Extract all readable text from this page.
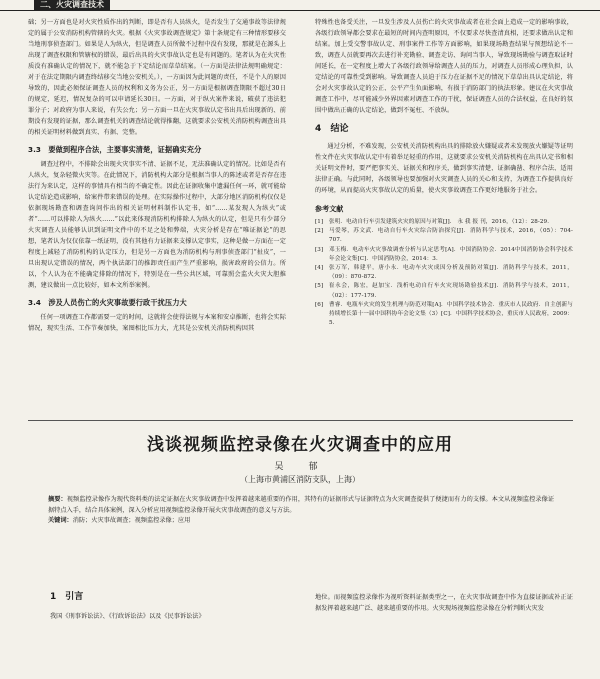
二、火灾调查技术

础；另一方面也是对火灾性质作出的判断，即是否有人员纵火，是否发生了交通事故等法律规定的属于公安消防机构管辖的火灾。根据《火灾事故调查规定》第十条规定有三种情形要移交当地刑事侦查部门。如果是人为纵火，但是调查人员所做不过程中没有发现，那就是在源头上出现了调查权限和管辖权的错误，最后出具的火灾事故认定也是有问题的。笔者认为在火灾性质没有准确认定的情况下，就不能急于下定结论而草草结案。（一方面是法律法规明确规定：对于在法定期限内调查终结移交当地公安机关。），一方面因为此问题的责任，不是个人的原因导致的，因此必须保证调查人员的权利和义务为公正，另一方面是根据调查期限不超过30日的规定，延迟，情况复杂的可以申请延长30日。一方面，对于纵火案件来说，破获了违法犯罪分子；对政府为事人来说，有失公允；另一方面一旦在火灾事故认定书出具后出现新的、前期没有发现的证据，那么调查机关的调查结论就得推翻，这就要求公安机关消防机构调查出具的相关证明材料做到真实、有据、完整。

3.3　要做到程序合法，主要事实清楚，证据确实充分

调查过程中，不排除会出现火灾事实不清、证据不足，无法准确认定的情况。比如是否有人纵火，复杂轻微火灾等。在此情况下，消防机构大部分是根据当事人的陈述或者是否存在违法行为来认定，这样的事情具有相当的不确定性。因此在证据收集中遗漏任何一环，就可能给认定结论造成影响，给案件带来错误的处理。在实际操作过程中，大部分地区消防机构仅仅是依据现场勘查和调查询问作出的相关证明材料制作认定书，如“……某发现人为纵火”或者“……可以排除人为纵火……”以此来体现消防机构排除人为纵火的认定，但是只有少部分火灾调查人员能够认识到证明文件中的不足之处和弊端，火灾分析是存在“唯证据论”的思想，笔者认为仅仅依靠一纸证明，没有其他有力证据来支撑认定事实，这种是做一方面在一定程度上减轻了消防机构的认定压力，但是另一方面也为消防机构与刑事侦查部门“扯皮”，一旦出现认定错误的情况，两个执法部门的推卸责任而产生严重影响，损害政府的公信力。所以，个人认为在不能确定排除的情况下，特别是在一些公共区域，可靠照会监火火灾大胆推测，建议做出一点比较好，如本文所举案例。

3.4　涉及人员伤亡的火灾事故要行政干扰压力大

任何一项调查工作都需要一定的时间，这就将会使得法规与本案和安卓推断，也将会实际情况，现实生活、工作节奏加快，案图相比压力大，尤其是公安机关消防机构因其

特殊性也备受关注，一旦发生涉及人员伤亡的火灾事故或者在社会面上造成一定的影响事故，各级行政领导都会要求在最短的时间内查明原因，不仅要求尽快查清真相，还要求做出认定和结案。加上受交警事故认定、刑事案件工作等方面影响，如果现场勘查结果与预想结论不一致，调查人员就要再次去进行补充勘验、调查走访、询问当事人，导致现场勘验与调查取证时间延长，在一定程度上增大了各级行政领导给调查人员的压力，对调查人员形成心理负担，认定结论的可靠性受到影响。导致调查人员迫于压力在证据不足的情况下草草出具认定结论，将会对火灾事故认定的公正、公平产生负面影响，有损于消防部门的执法形象。建议在火灾事故调查工作中，尽可能减少外界因素对调查工作的干扰，保证调查人员的合法权益，在良好的氛围中做出正确的认定结论，做到不冤枉、不放纵。

4　结论

通过分析，不难发现，公安机关消防机构出具的排除放火嫌疑或者未发现放火嫌疑等证明性文件在火灾事故认定中有着举足轻重的作用，这就要求公安机关消防机构在出具认定书和相关证明文件时，要严把事实关、证据关和程序关，做到事实清楚、证据确凿、程序合法、适用法律正确。与此同时，各级领导也要加强对火灾调查人员的关心和支持，为调查工作提供良好的环境，从而提高火灾事故认定的质量，使火灾事故调查工作更好地服务于社会。

参考文献
[1]	张明．电动自行车引发建筑火灾的原因与对策[J]． 永 我 报 刊，2016，（12）：28-29．
[2]	马爱琴，苏文武．电动自行车火灾综合防治探究[J]．消防科学与技术，2016，（05）：704-707．
[3]	邓玉梅．电动车火灾事故调查分析与认定思考[A]．中国消防协会．2014中国消防协会科学技术年会论文集[C]．中国消防协会，2014：3．
[4]	张万军，韩建平，唐小永．电动车火灾成因分析及预防对策[J]．消防科学与技术，2011，（09）：870-872．
[5]	崔永会，陈宏，赵加宝．浅析电动自行车火灾现场勘验技术[J]．消防科学与技术，2011，（02）：177-179．
[6]	曹睿．电瓶车火灾的发生机理与防范对策[A]．中国科学技术协会．重庆市人民政府．自主创新与持续增长第十一届中国科协年会论文集（3）[C]．中国科学技术协会，重庆市人民政府，2009：5．
浅谈视频监控录像在火灾调查中的应用
吴　郁
（上海市黄浦区消防支队，上海）

摘要：视频监控录像作为现代资料类的法定证据在火灾事故调查中发挥着越来越重要的作用，其特有的证据形式与证据特点为火灾调查提供了便捷而有力的支撑。本文从视频监控录像证据特点入手，结合具体案例，深入分析应用视频监控录像开展火灾事故调查的意义与方法。

关键词：消防；火灾事故调查；视频监控录像；应用

1　引言

我国《刑事诉讼法》、《行政诉讼法》以及《民事诉讼法》

地位。而视频监控录像作为视听资料证据类型之一，在火灾事故调查中作为直接证据或补正证据发挥着越来越广泛、越来越重要的作用。火灾现场视频监控录像在分析判断火灾发
